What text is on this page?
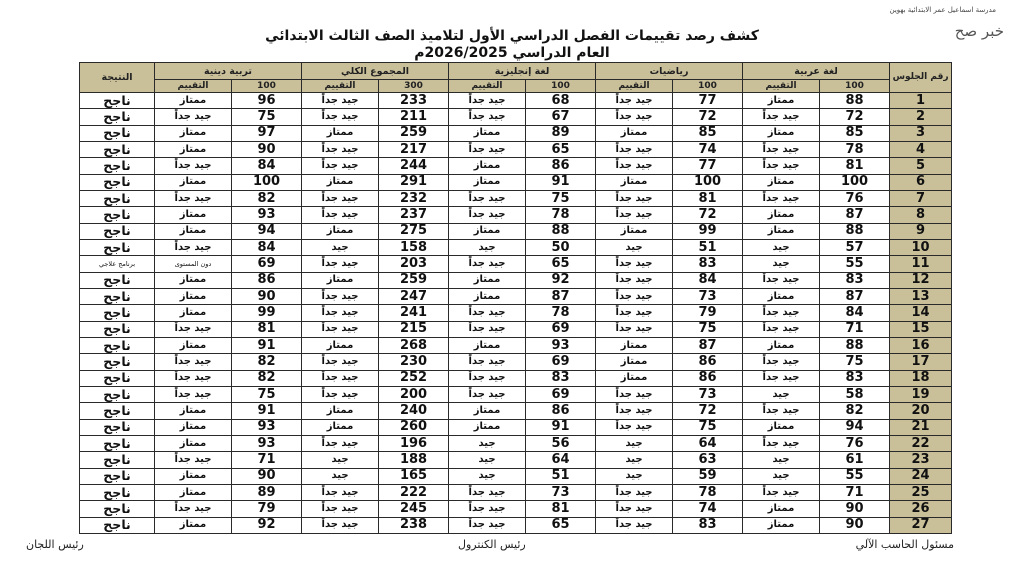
مدرسة اسماعيل عمر الابتدائية بهوين
خبر صح
كشف رصد تقييمات الفصل الدراسي الأول لتلاميذ الصف الثالث الابتدائي
العام الدراسي 2026/2025م
رقم الجلوس	لغة عربية		رياضيات		لغة إنجليزية		المجموع الكلي		تربية دينية		النتيجة
	100	التقييم	100	التقييم	100	التقييم	300	التقييم	100	التقييم	
1	88	ممتاز	77	جيد جداً	68	جيد جداً	233	جيد جداً	96	ممتاز	ناجح
2	72	جيد جداً	72	جيد جداً	67	جيد جداً	211	جيد جداً	75	جيد جداً	ناجح
3	85	ممتاز	85	ممتاز	89	ممتاز	259	ممتاز	97	ممتاز	ناجح
4	78	جيد جداً	74	جيد جداً	65	جيد جداً	217	جيد جداً	90	ممتاز	ناجح
5	81	جيد جداً	77	جيد جداً	86	ممتاز	244	جيد جداً	84	جيد جداً	ناجح
6	100	ممتاز	100	ممتاز	91	ممتاز	291	ممتاز	100	ممتاز	ناجح
7	76	جيد جداً	81	جيد جداً	75	جيد جداً	232	جيد جداً	82	جيد جداً	ناجح
8	87	ممتاز	72	جيد جداً	78	جيد جداً	237	جيد جداً	93	ممتاز	ناجح
9	88	ممتاز	99	ممتاز	88	ممتاز	275	ممتاز	94	ممتاز	ناجح
10	57	جيد	51	جيد	50	جيد	158	جيد	84	جيد جداً	ناجح
11	55	جيد	83	جيد جداً	65	جيد جداً	203	جيد جداً	69	دون المستوى	برنامج علاجي
12	83	جيد جداً	84	جيد جداً	92	ممتاز	259	ممتاز	86	ممتاز	ناجح
13	87	ممتاز	73	جيد جداً	87	ممتاز	247	جيد جداً	90	ممتاز	ناجح
14	84	جيد جداً	79	جيد جداً	78	جيد جداً	241	جيد جداً	99	ممتاز	ناجح
15	71	جيد جداً	75	جيد جداً	69	جيد جداً	215	جيد جداً	81	جيد جداً	ناجح
16	88	ممتاز	87	ممتاز	93	ممتاز	268	ممتاز	91	ممتاز	ناجح
17	75	جيد جداً	86	ممتاز	69	جيد جداً	230	جيد جداً	82	جيد جداً	ناجح
18	83	جيد جداً	86	ممتاز	83	جيد جداً	252	جيد جداً	82	جيد جداً	ناجح
19	58	جيد	73	جيد جداً	69	جيد جداً	200	جيد جداً	75	جيد جداً	ناجح
20	82	جيد جداً	72	جيد جداً	86	ممتاز	240	ممتاز	91	ممتاز	ناجح
21	94	ممتاز	75	جيد جداً	91	ممتاز	260	ممتاز	93	ممتاز	ناجح
22	76	جيد جداً	64	جيد	56	جيد	196	جيد جداً	93	ممتاز	ناجح
23	61	جيد	63	جيد	64	جيد	188	جيد	71	جيد جداً	ناجح
24	55	جيد	59	جيد	51	جيد	165	جيد	90	ممتاز	ناجح
25	71	جيد جداً	78	جيد جداً	73	جيد جداً	222	جيد جداً	89	ممتاز	ناجح
26	90	ممتاز	74	جيد جداً	81	جيد جداً	245	جيد جداً	79	جيد جداً	ناجح
27	90	ممتاز	83	جيد جداً	65	جيد جداً	238	جيد جداً	92	ممتاز	ناجح
مسئول الحاسب الآلي
رئيس الكنترول
رئيس اللجان
